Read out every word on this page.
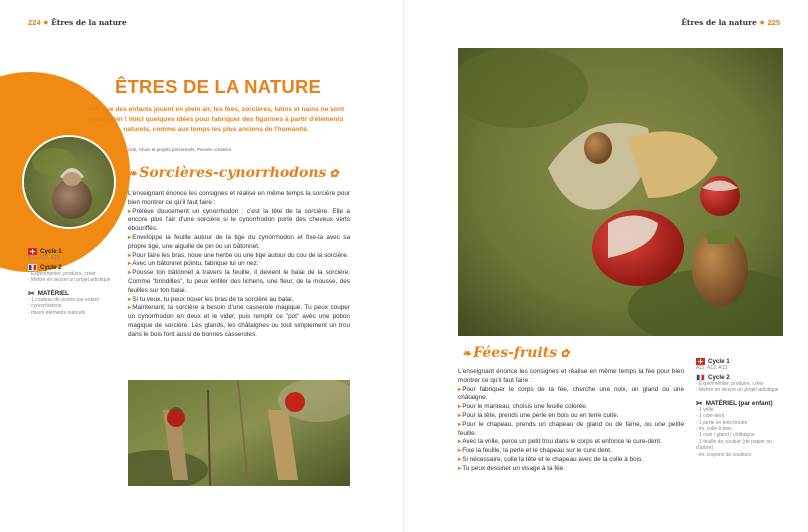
224 ◆ Êtres de la nature
ÊTRES DE LA NATURE
Dès que des enfants jouent en plein air, les fées, sorcières, lutins et nains ne sont jamais loin ! Voici quelques idées pour fabriquer des figurines à partir d'éléments naturels, comme aux temps les plus anciens de l'humanité.
Arts, Choix et projets personnels, Pensée créatrice
❧ Sorcières-cynorrhodons ✿

L'enseignant énonce les consignes et réalise en même temps la sorcière pour bien montrer ce qu'il faut faire :

▸Prélève doucement un cynorrhodon : c'est la tête de la sorcière. Elle a encore plus l'air d'une sorcière si le cynorrhodon porte des cheveux verts ébouriffés.

▸Enveloppe la feuille autour de la tige du cynorrhodon et fixe-la avec sa propre tige, une aiguille de pin ou un bâtonnet.

▸Pour faire les bras, noue une herbe ou une tige autour du cou de la sorcière.

▸Avec un bâtonnet pointu, fabrique lui un nez.

▸Pousse ton bâtonnet à travers la feuille, il devient le balai de la sorcière. Comme "brindilles", tu peux enfiler des lichens, une fleur, de la mousse, des feuilles sur ton balai.

▸Si tu veux, tu peux nouer les bras de ta sorcière au balai.

▸Maintenant, la sorcière a besoin d'une casserole magique. Tu peux couper un cynorrhodon en deux et le vider, puis remplir ce "pot" avec une potion magique de sorcière. Les glands, les châtaignes ou tout simplement un trou dans le bois font aussi de bonnes casseroles.

Cycle 1
A11, A12, A13
Cycle 2
- Expérimenter, produire, créer
- Mettre en œuvre un projet artistique
✂ MATÉRIEL
- 1 couteau de poche par enfant
- cynorrhodons
- divers éléments naturels
Êtres de la nature ◆ 225
❧ Fées-fruits ✿

L'enseignant énonce les consignes et réalise en même temps la fée pour bien montrer ce qu'il faut faire :

▸Pour fabriquer le corps de ta fée, cherche une noix, un gland ou une châtaigne.

▸Pour le manteau, choisis une feuille colorée.

▸Pour la tête, prends une perle en bois ou en terre cuite.

▸Pour le chapeau, prends un chapeau de gland ou de faîne, ou une petite feuille.

▸Avec la vrille, perce un petit trou dans le corps et enfonce le cure-dent.

▸Fixe la feuille, la perle et le chapeau sur le cure dent.

▸Si nécessaire, colle la tête et le chapeau avec de la colle à bois.

▸Tu peux dessiner un visage à ta fée.

Cycle 1
A11, A12, A13
Cycle 2
- Expérimenter, produire, créer
- Mettre en œuvre un projet artistique
✂ MATÉRIEL (par enfant)
- 1 vrille
- 1 cure-dent
- 1 perle en bois trouée
- év. colle à bois
- 1 noix / gland / châtaigne
- 1 feuille de couleur (de papier ou d'arbre)
- év. crayons de couleurs
